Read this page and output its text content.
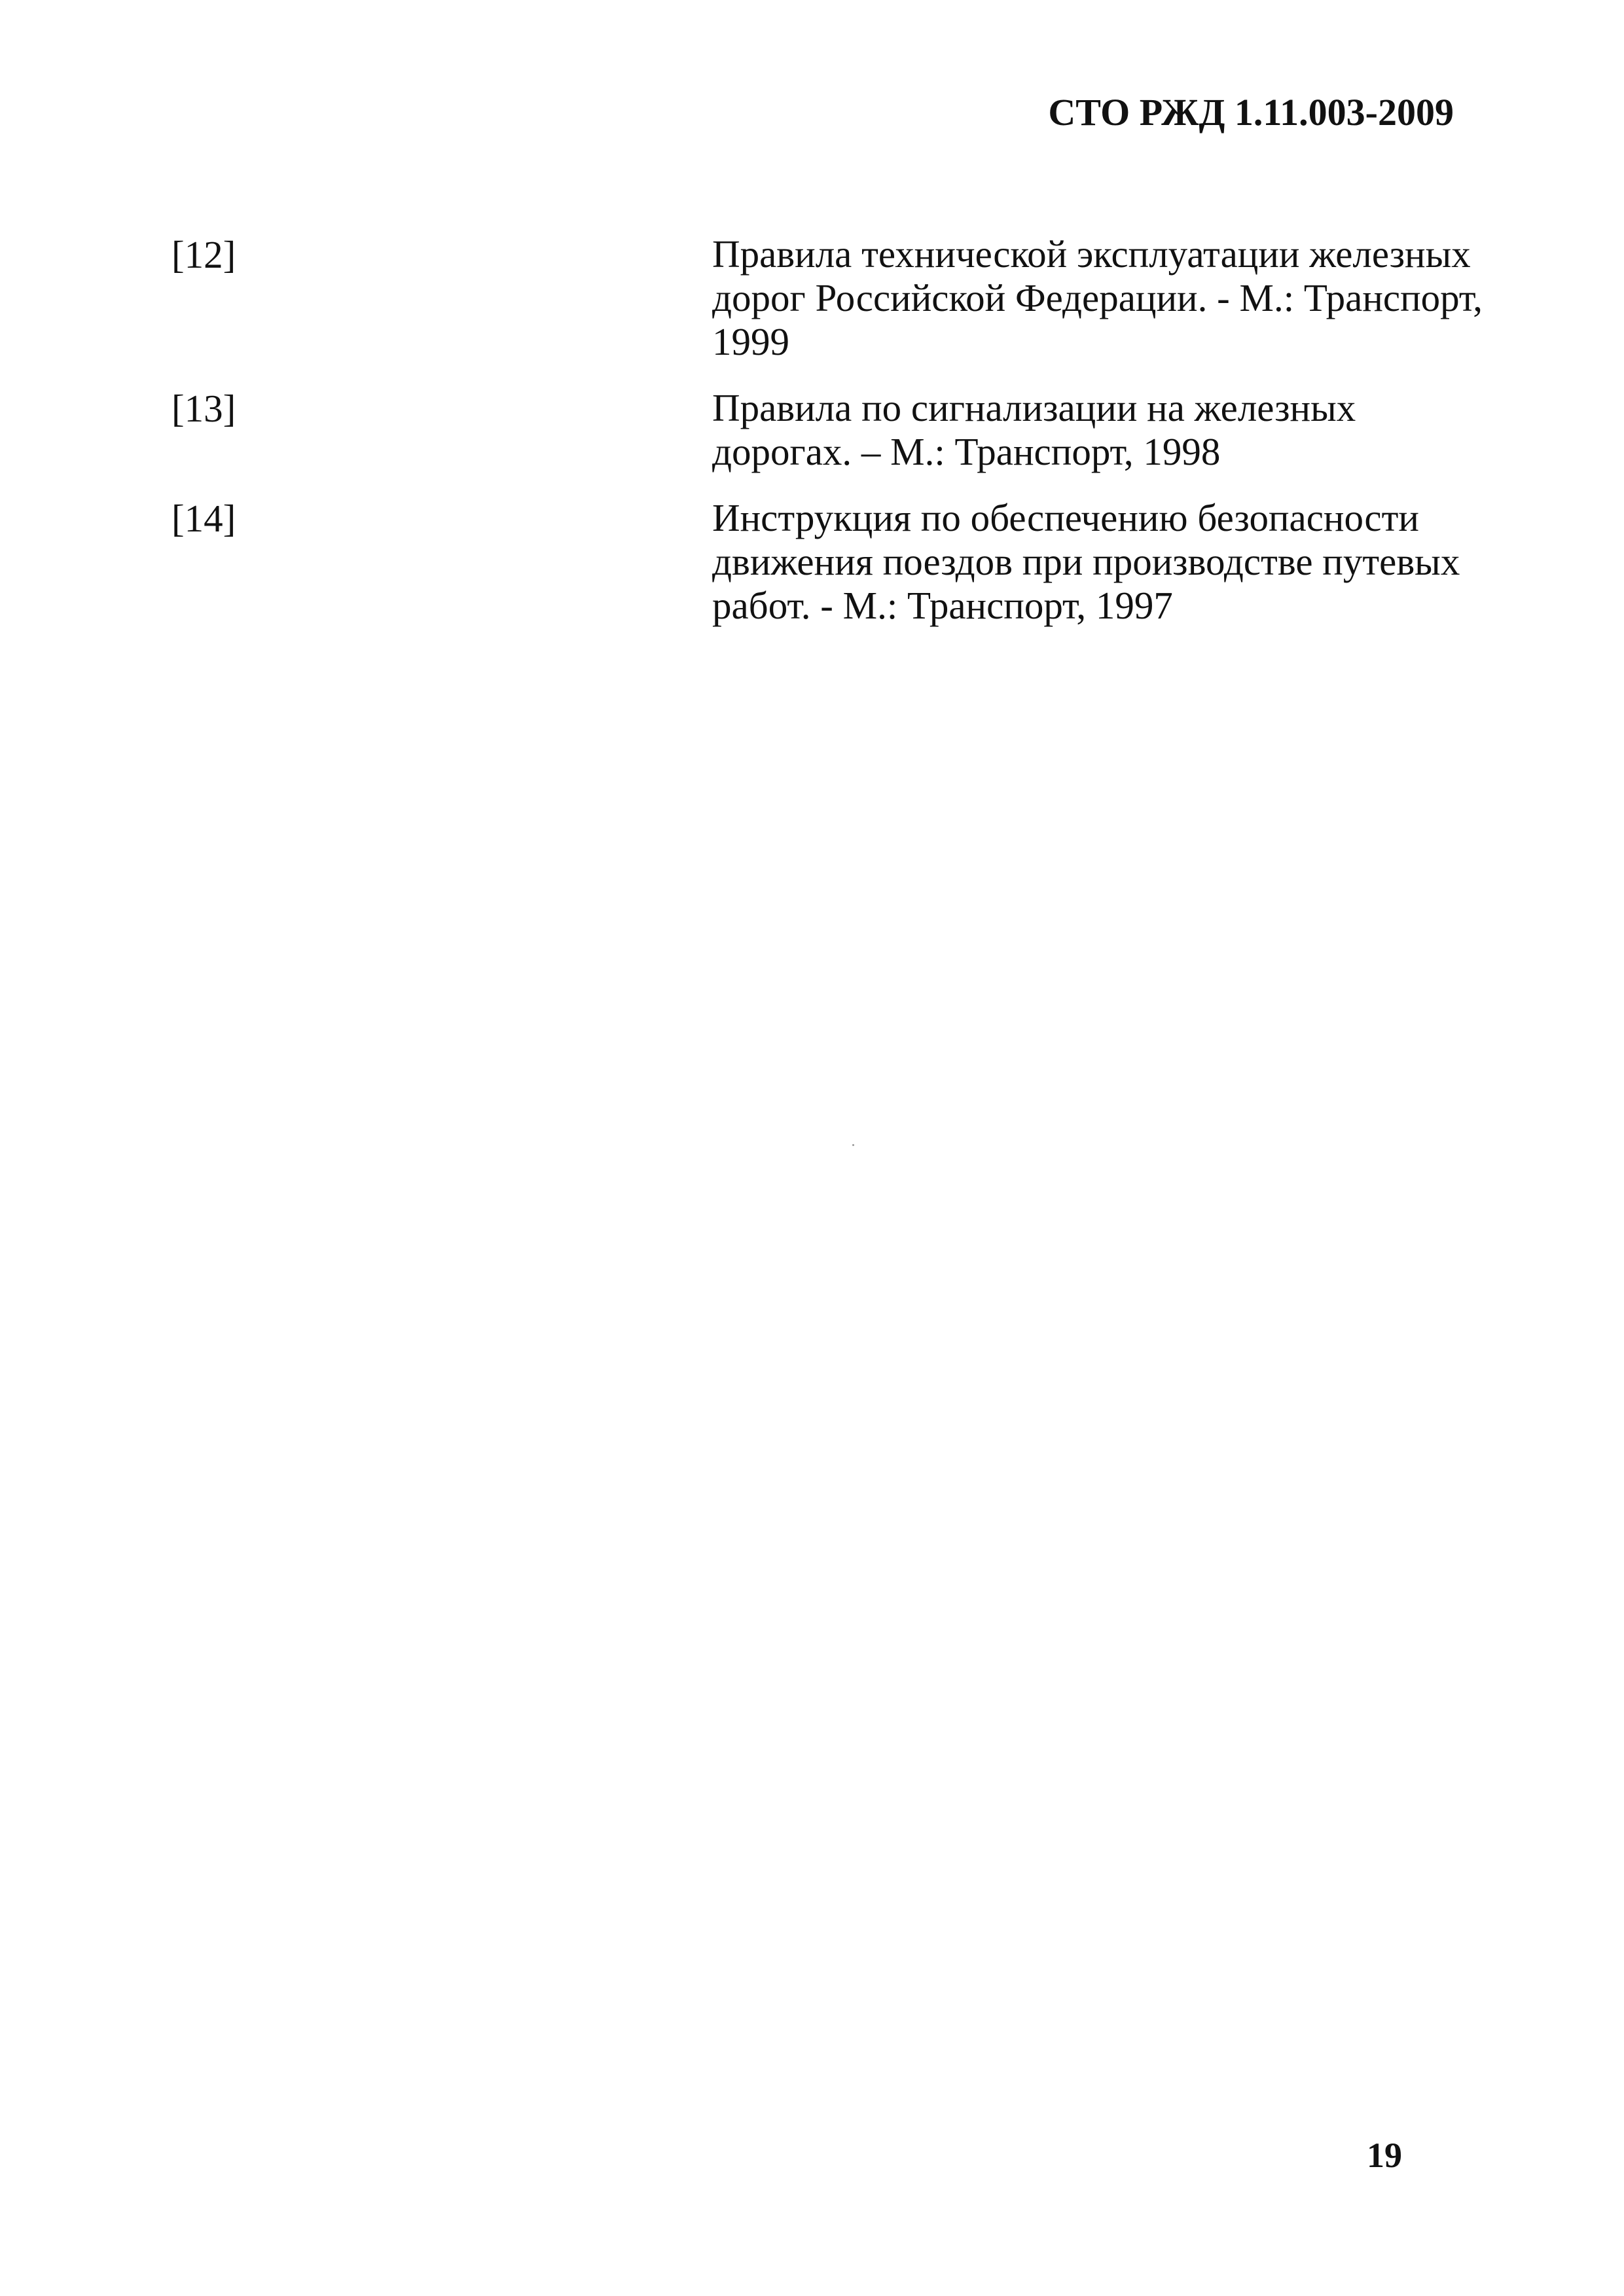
СТО РЖД 1.11.003-2009
[12]	Правила технической эксплуатации железных
дорог Российской Федерации. - М.: Транспорт,
1999
[13]	Правила по сигнализации на железных
дорогах. – М.: Транспорт, 1998
[14]	Инструкция по обеспечению безопасности
движения поездов при производстве путевых
работ. - М.: Транспорт, 1997
19
